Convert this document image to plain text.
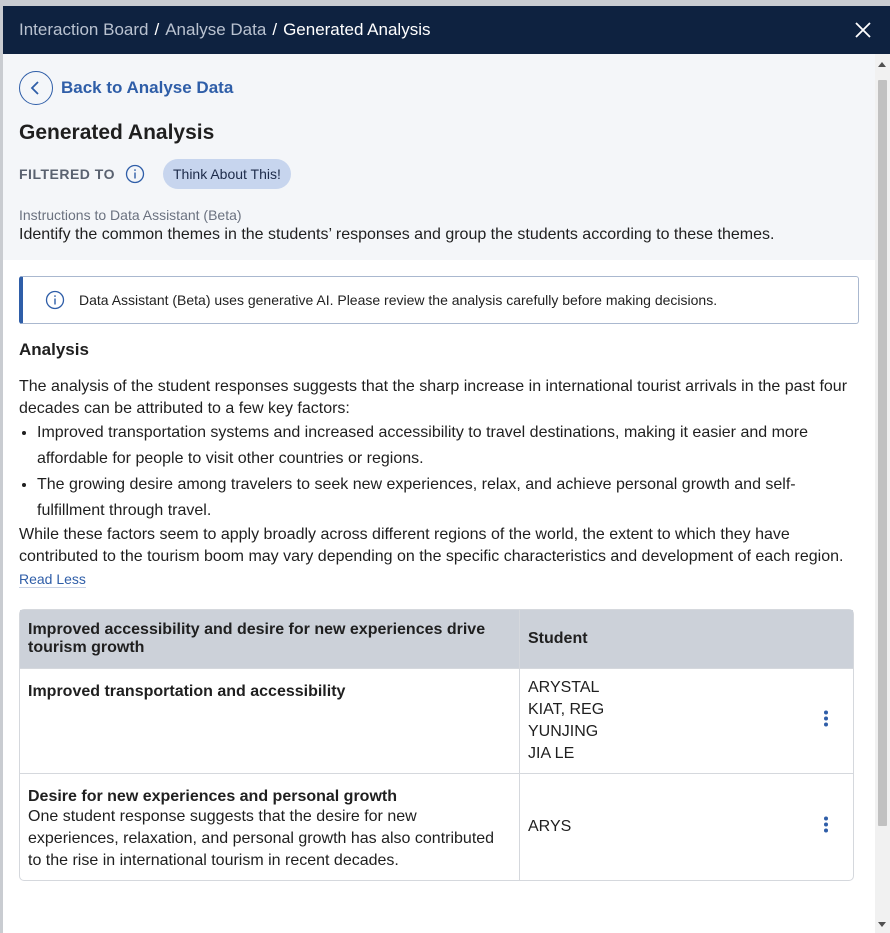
Interaction Board / Analyse Data / Generated Analysis
Back to Analyse Data
Generated Analysis
FILTERED TO	Think About This!
Instructions to Data Assistant (Beta)
Identify the common themes in the students’ responses and group the students according to these themes.
Data Assistant (Beta) uses generative AI. Please review the analysis carefully before making decisions.
Analysis
The analysis of the student responses suggests that the sharp increase in international tourist arrivals in the past four decades can be attributed to a few key factors:
• Improved transportation systems and increased accessibility to travel destinations, making it easier and more affordable for people to visit other countries or regions.
• The growing desire among travelers to seek new experiences, relax, and achieve personal growth and self-fulfillment through travel.
While these factors seem to apply broadly across different regions of the world, the extent to which they have contributed to the tourism boom may vary depending on the specific characteristics and development of each region.
Read Less
Improved accessibility and desire for new experiences drive tourism growth	Student

Improved transportation and accessibility	ARYSTAL
KIAT, REG
YUNJING
JIA LE

Desire for new experiences and personal growth
One student response suggests that the desire for new experiences, relaxation, and personal growth has also contributed to the rise in international tourism in recent decades.	ARYS
